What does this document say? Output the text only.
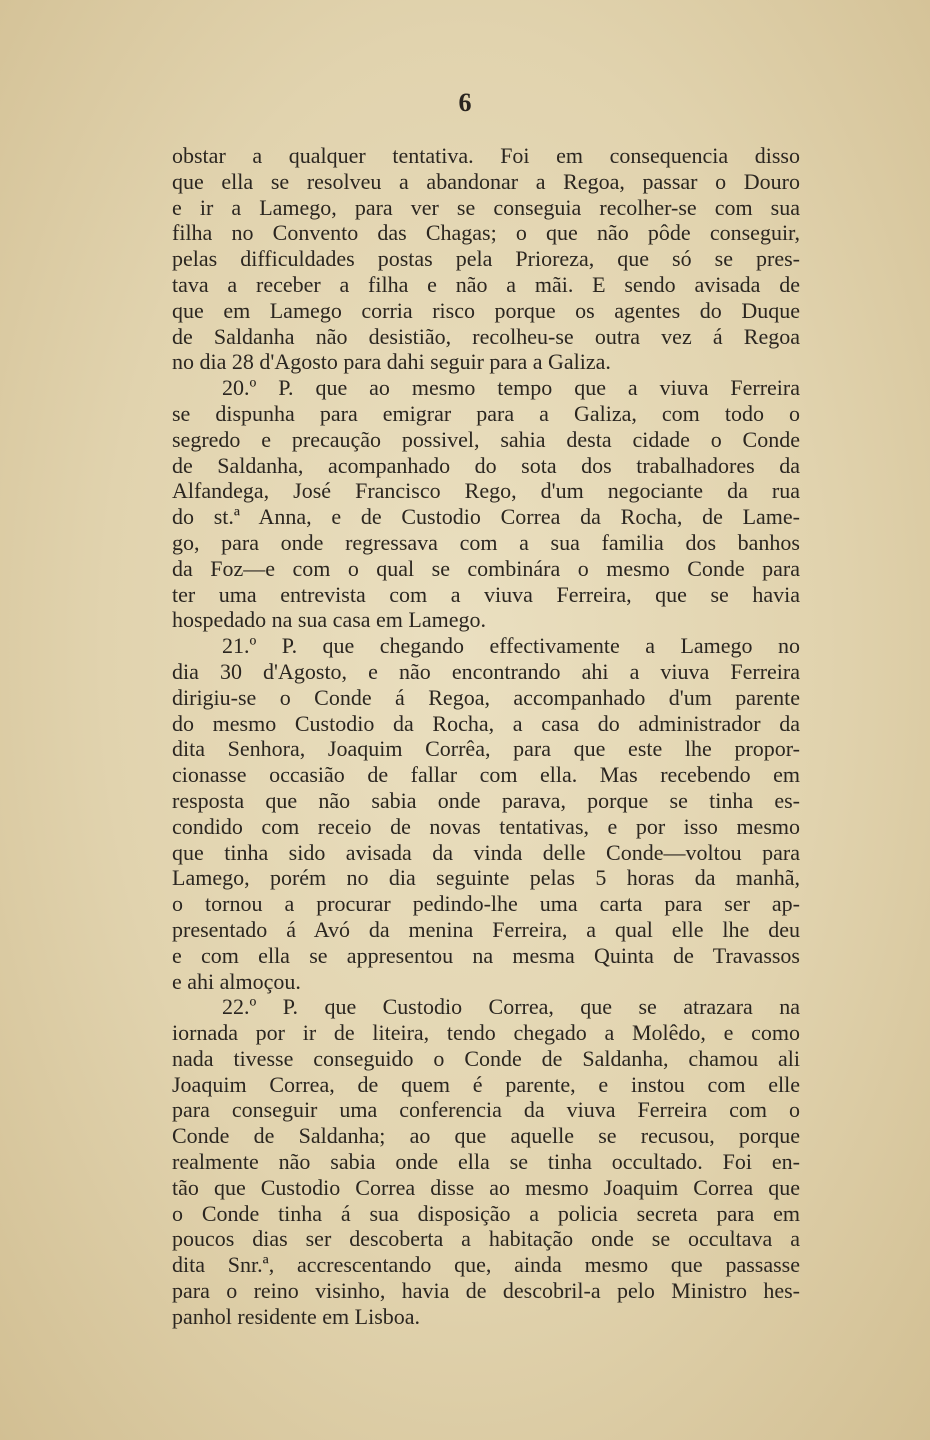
6
obstar a qualquer tentativa. Foi em consequencia disso
que ella se resolveu a abandonar a Regoa, passar o Douro
e ir a Lamego, para ver se conseguia recolher-se com sua
filha no Convento das Chagas; o que não pôde conseguir,
pelas difficuldades postas pela Prioreza, que só se pres-
tava a receber a filha e não a mãi. E sendo avisada de
que em Lamego corria risco porque os agentes do Duque
de Saldanha não desistião, recolheu-se outra vez á Regoa
no dia 28 d'Agosto para dahi seguir para a Galiza.
20.º P. que ao mesmo tempo que a viuva Ferreira
se dispunha para emigrar para a Galiza, com todo o
segredo e precaução possivel, sahia desta cidade o Conde
de Saldanha, acompanhado do sota dos trabalhadores da
Alfandega, José Francisco Rego, d'um negociante da rua
do st.ª Anna, e de Custodio Correa da Rocha, de Lame-
go, para onde regressava com a sua familia dos banhos
da Foz—e com o qual se combinára o mesmo Conde para
ter uma entrevista com a viuva Ferreira, que se havia
hospedado na sua casa em Lamego.
21.º P. que chegando effectivamente a Lamego no
dia 30 d'Agosto, e não encontrando ahi a viuva Ferreira
dirigiu-se o Conde á Regoa, accompanhado d'um parente
do mesmo Custodio da Rocha, a casa do administrador da
dita Senhora, Joaquim Corrêa, para que este lhe propor-
cionasse occasião de fallar com ella. Mas recebendo em
resposta que não sabia onde parava, porque se tinha es-
condido com receio de novas tentativas, e por isso mesmo
que tinha sido avisada da vinda delle Conde—voltou para
Lamego, porém no dia seguinte pelas 5 horas da manhã,
o tornou a procurar pedindo-lhe uma carta para ser ap-
presentado á Avó da menina Ferreira, a qual elle lhe deu
e com ella se appresentou na mesma Quinta de Travassos
e ahi almoçou.
22.º P. que Custodio Correa, que se atrazara na
iornada por ir de liteira, tendo chegado a Molêdo, e como
nada tivesse conseguido o Conde de Saldanha, chamou ali
Joaquim Correa, de quem é parente, e instou com elle
para conseguir uma conferencia da viuva Ferreira com o
Conde de Saldanha; ao que aquelle se recusou, porque
realmente não sabia onde ella se tinha occultado. Foi en-
tão que Custodio Correa disse ao mesmo Joaquim Correa que
o Conde tinha á sua disposição a policia secreta para em
poucos dias ser descoberta a habitação onde se occultava a
dita Snr.ª, accrescentando que, ainda mesmo que passasse
para o reino visinho, havia de descobril-a pelo Ministro hes-
panhol residente em Lisboa.
